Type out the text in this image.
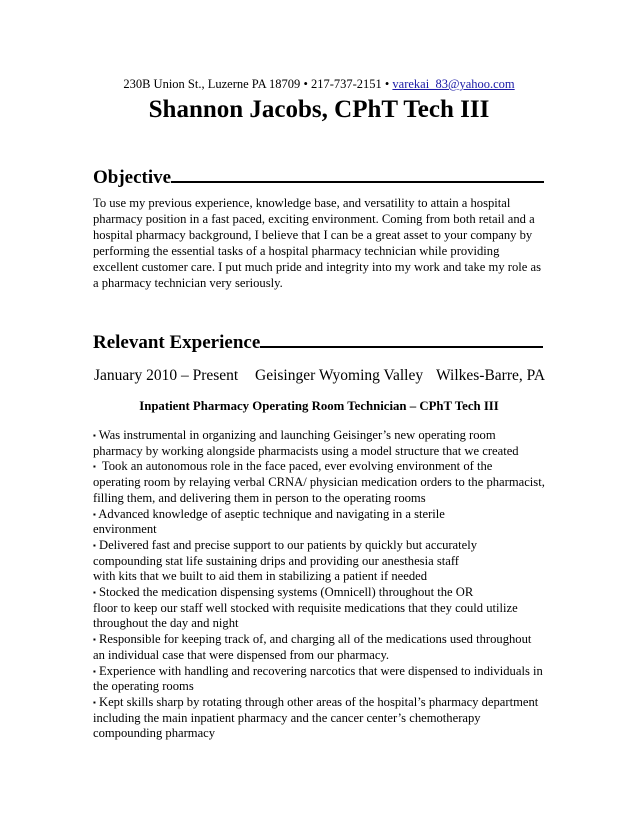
230B Union St., Luzerne PA 18709 • 217-737-2151 • varekai_83@yahoo.com
Shannon Jacobs, CPhT Tech III
Objective
To use my previous experience, knowledge base, and versatility to attain a hospital
pharmacy position in a fast paced, exciting environment. Coming from both retail and a
hospital pharmacy background, I believe that I can be a great asset to your company by
performing the essential tasks of a hospital pharmacy technician while providing
excellent customer care. I put much pride and integrity into my work and take my role as
a pharmacy technician very seriously.
Relevant Experience
January 2010 – Present Geisinger Wyoming Valley Wilkes-Barre, PA
Inpatient Pharmacy Operating Room Technician – CPhT Tech III
▪ Was instrumental in organizing and launching Geisinger’s new operating room
pharmacy by working alongside pharmacists using a model structure that we created
▪  Took an autonomous role in the face paced, ever evolving environment of the
operating room by relaying verbal CRNA/ physician medication orders to the pharmacist,
filling them, and delivering them in person to the operating rooms
▪ Advanced knowledge of aseptic technique and navigating in a sterile
environment
▪ Delivered fast and precise support to our patients by quickly but accurately
compounding stat life sustaining drips and providing our anesthesia staff
with kits that we built to aid them in stabilizing a patient if needed
▪ Stocked the medication dispensing systems (Omnicell) throughout the OR
floor to keep our staff well stocked with requisite medications that they could utilize
throughout the day and night
▪ Responsible for keeping track of, and charging all of the medications used throughout
an individual case that were dispensed from our pharmacy.
▪ Experience with handling and recovering narcotics that were dispensed to individuals in
the operating rooms
▪ Kept skills sharp by rotating through other areas of the hospital’s pharmacy department
including the main inpatient pharmacy and the cancer center’s chemotherapy
compounding pharmacy
